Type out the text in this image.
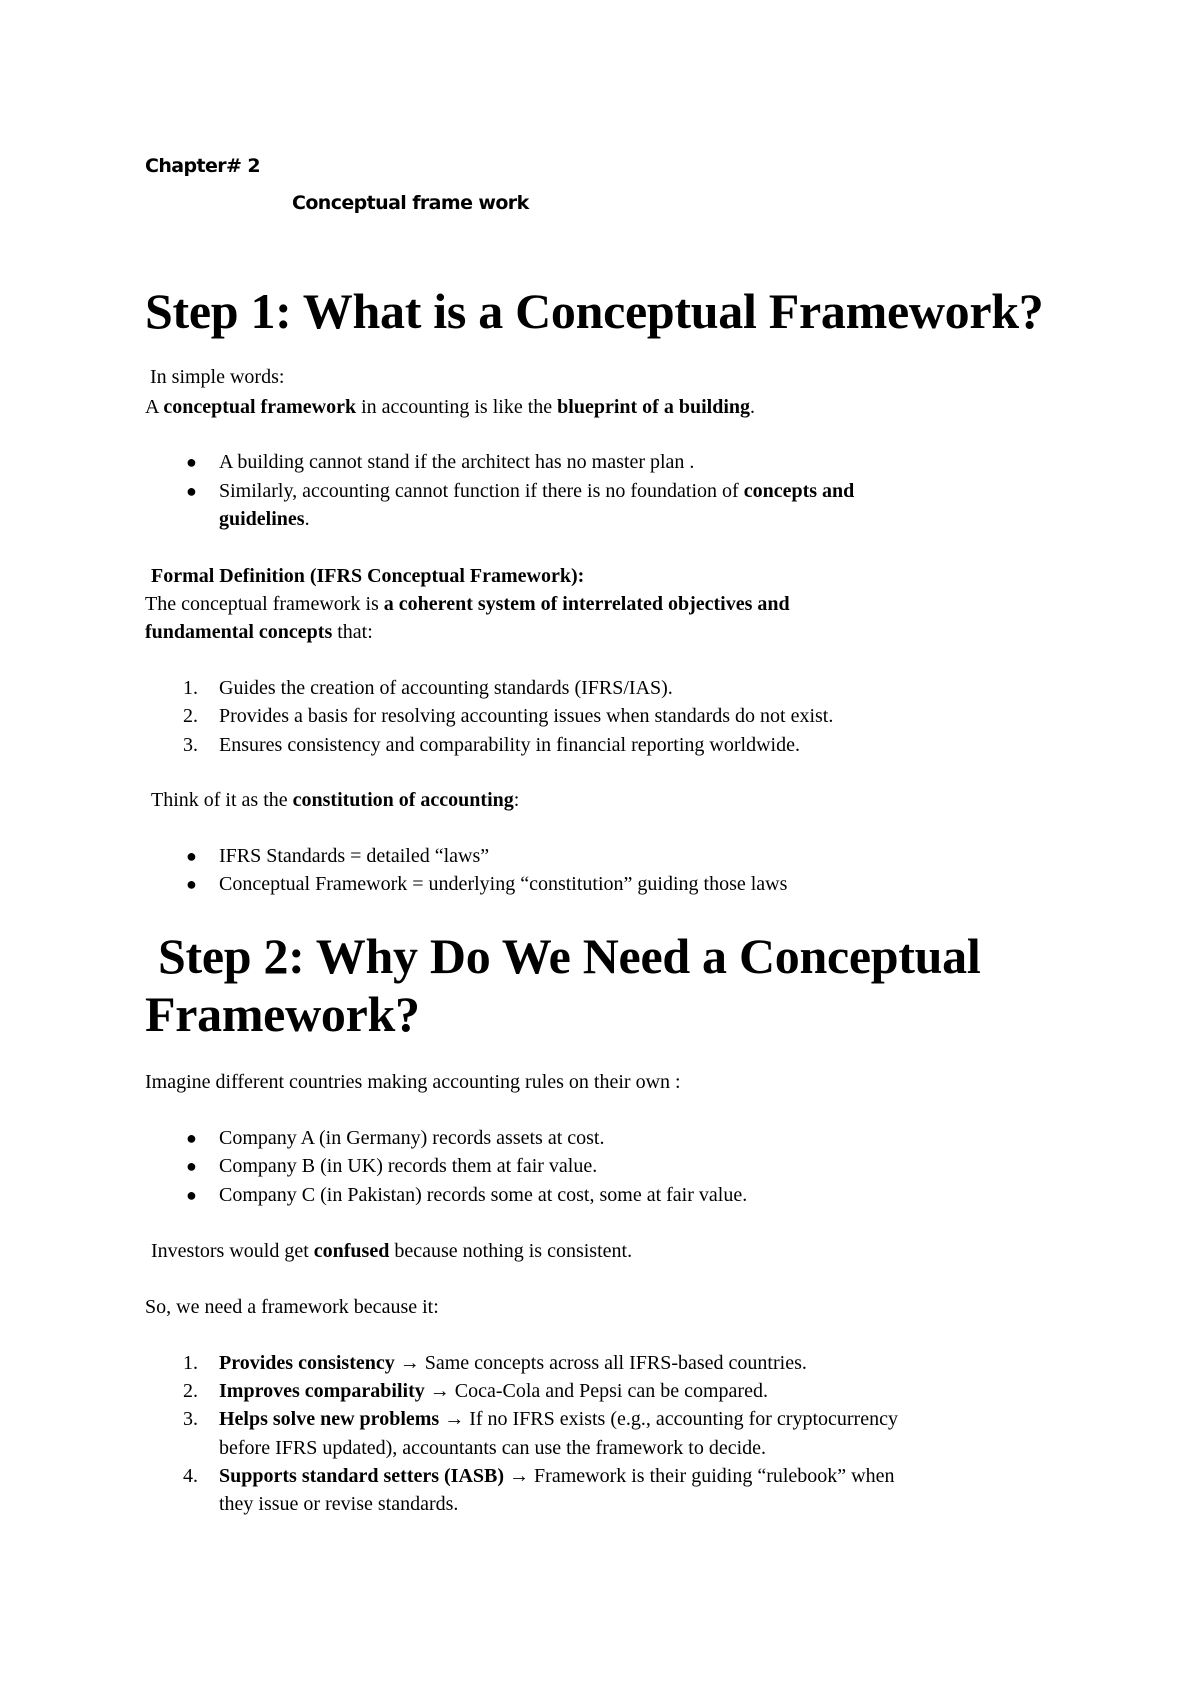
Chapter# 2
Conceptual frame work
Step 1: What is a Conceptual Framework?
In simple words:
A conceptual framework in accounting is like the blueprint of a building.
● A building cannot stand if the architect has no master plan .
● Similarly, accounting cannot function if there is no foundation of concepts and
guidelines.
Formal Definition (IFRS Conceptual Framework):
The conceptual framework is a coherent system of interrelated objectives and
fundamental concepts that:
1. Guides the creation of accounting standards (IFRS/IAS).
2. Provides a basis for resolving accounting issues when standards do not exist.
3. Ensures consistency and comparability in financial reporting worldwide.
Think of it as the constitution of accounting:
● IFRS Standards = detailed “laws”
● Conceptual Framework = underlying “constitution” guiding those laws
Step 2: Why Do We Need a Conceptual
Framework?
Imagine different countries making accounting rules on their own :
● Company A (in Germany) records assets at cost.
● Company B (in UK) records them at fair value.
● Company C (in Pakistan) records some at cost, some at fair value.
Investors would get confused because nothing is consistent.
So, we need a framework because it:
1. Provides consistency → Same concepts across all IFRS-based countries.
2. Improves comparability → Coca-Cola and Pepsi can be compared.
3. Helps solve new problems → If no IFRS exists (e.g., accounting for cryptocurrency
before IFRS updated), accountants can use the framework to decide.
4. Supports standard setters (IASB) → Framework is their guiding “rulebook” when
they issue or revise standards.
